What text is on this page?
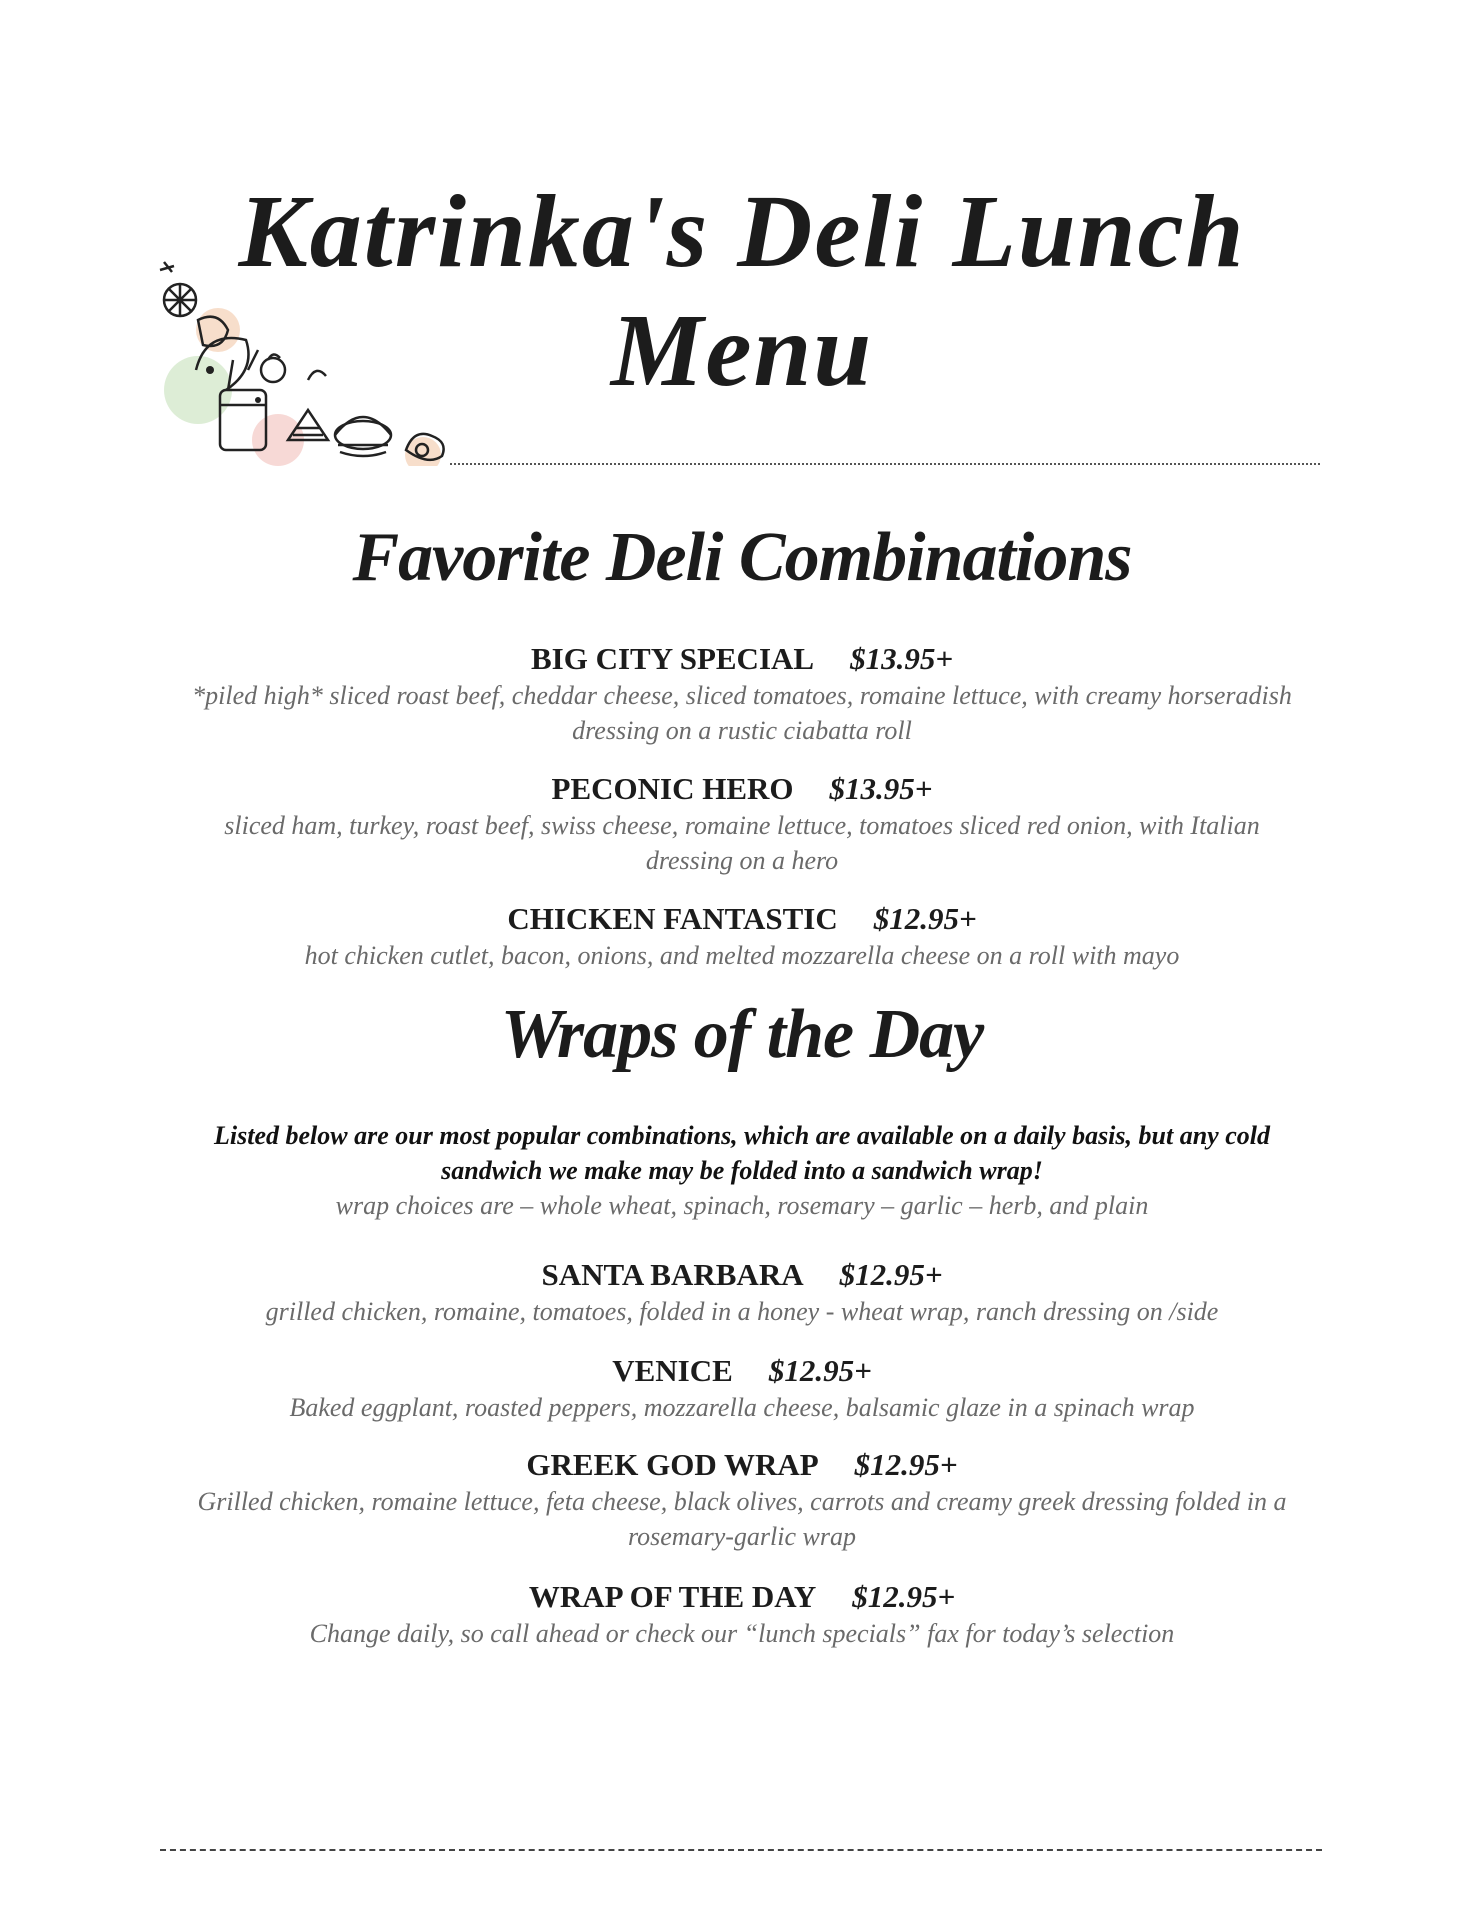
Katrinka's Deli Lunch Menu
Favorite Deli Combinations
BIG CITY SPECIAL $13.95+
*piled high* sliced roast beef, cheddar cheese, sliced tomatoes, romaine lettuce, with creamy horseradish dressing on a rustic ciabatta roll
PECONIC HERO $13.95+
sliced ham, turkey, roast beef, swiss cheese, romaine lettuce, tomatoes sliced red onion, with Italian dressing on a hero
CHICKEN FANTASTIC $12.95+
hot chicken cutlet, bacon, onions, and melted mozzarella cheese on a roll with mayo
Wraps of the Day
Listed below are our most popular combinations, which are available on a daily basis, but any cold sandwich we make may be folded into a sandwich wrap!
wrap choices are – whole wheat, spinach, rosemary – garlic – herb, and plain
SANTA BARBARA $12.95+
grilled chicken, romaine, tomatoes, folded in a honey - wheat wrap, ranch dressing on /side
VENICE $12.95+
Baked eggplant, roasted peppers, mozzarella cheese, balsamic glaze in a spinach wrap
GREEK GOD WRAP $12.95+
Grilled chicken, romaine lettuce, feta cheese, black olives, carrots and creamy greek dressing folded in a rosemary-garlic wrap
WRAP OF THE DAY $12.95+
Change daily, so call ahead or check our “lunch specials” fax for today’s selection
